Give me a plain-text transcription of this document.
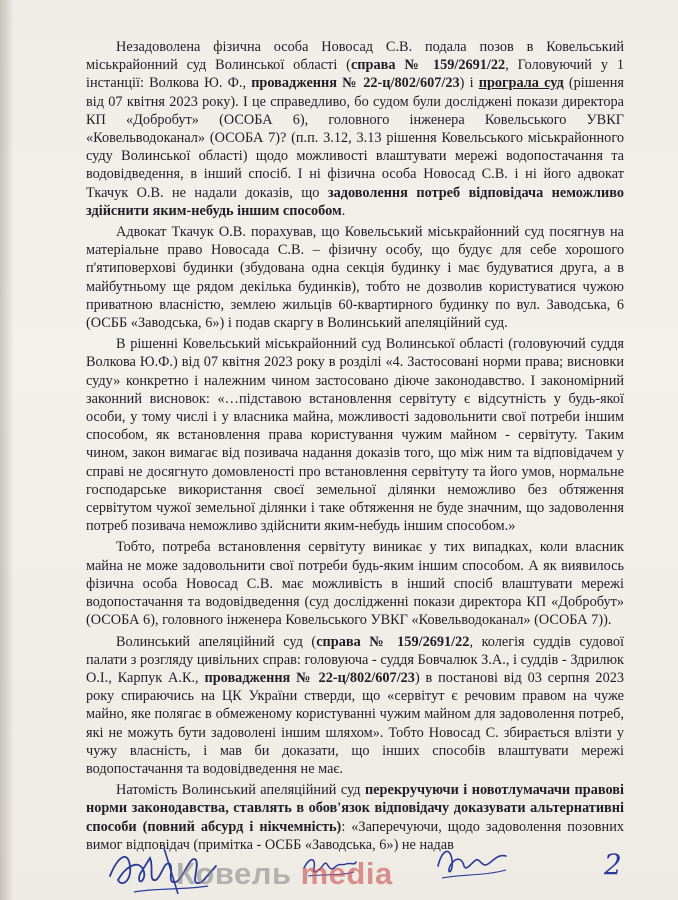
Незадоволена фізична особа Новосад С.В. подала позов в Ковельський міськрайонний суд Волинської області (справа № 159/2691/22, Головуючий у 1 інстанції: Волкова Ю. Ф., провадження № 22-ц/802/607/23) і програла суд (рішення від 07 квітня 2023 року). І це справедливо, бо судом були досліджені покази директора КП «Добробут» (ОСОБА 6), головного інженера Ковельського УВКГ «Ковельводоканал» (ОСОБА 7)? (п.п. 3.12, 3.13 рішення Ковельського міськрайонного суду Волинської області) щодо можливості влаштувати мережі водопостачання та водовідведення, в інший спосіб. І ні фізична особа Новосад С.В. і ні його адвокат Ткачук О.В. не надали доказів, що задоволення потреб відповідача неможливо здійснити яким-небудь іншим способом.

Адвокат Ткачук О.В. порахував, що Ковельський міськрайонний суд посягнув на матеріальне право Новосада С.В. – фізичну особу, що будує для себе хорошого п'ятиповерхові будинки (збудована одна секція будинку і має будуватися друга, а в майбутньому ще рядом декілька будинків), тобто не дозволив користуватися чужою приватною власністю, землею жильців 60-квартирного будинку по вул. Заводська, 6 (ОСББ «Заводська, 6») і подав скаргу в Волинський апеляційний суд.

В рішенні Ковельський міськрайонний суд Волинської області (головуючий суддя Волкова Ю.Ф.) від 07 квітня 2023 року в розділі «4. Застосовані норми права; висновки суду» конкретно і належним чином застосовано діюче законодавство. І закономірний законний висновок: «…підставою встановлення сервітуту є відсутність у будь-якої особи, у тому числі і у власника майна, можливості задовольнити свої потреби іншим способом, як встановлення права користування чужим майном - сервітуту. Таким чином, закон вимагає від позивача надання доказів того, що між ним та відповідачем у справі не досягнуто домовленості про встановлення сервітуту та його умов, нормальне господарське використання своєї земельної ділянки неможливо без обтяження сервітутом чужої земельної ділянки і таке обтяження не буде значним, що задоволення потреб позивача неможливо здійснити яким-небудь іншим способом.»

Тобто, потреба встановлення сервітуту виникає у тих випадках, коли власник майна не може задовольнити свої потреби будь-яким іншим способом. А як виявилось фізична особа Новосад С.В. має можливість в інший спосіб влаштувати мережі водопостачання та водовідведення (суд дослідженні покази директора КП «Добробут» (ОСОБА 6), головного інженера Ковельського УВКГ «Ковельводоканал» (ОСОБА 7)).

Волинський апеляційний суд (справа № 159/2691/22, колегія суддів судової палати з розгляду цивільних справ: головуюча - суддя Бовчалюк З.А., і суддів - Здрилюк О.І., Карпук А.К., провадження № 22-ц/802/607/23) в постанові від 03 серпня 2023 року спираючись на ЦК України стверди, що «сервітут є речовим правом на чуже майно, яке полягає в обмеженому користуванні чужим майном для задоволення потреб, які не можуть бути задоволені іншим шляхом». Тобто Новосад С. збирається влізти у чужу власність, і мав би доказати, що інших способів влаштувати мережі водопостачання та водовідведення не має.

Натомість Волинський апеляційний суд перекручуючи і новотлумачачи правові норми законодавства, ставлять в обов'язок відповідачу доказувати альтернативні способи (повний абсурд і нікчемність): «Заперечуючи, щодо задоволення позовних вимог відповідач (примітка - ОСББ «Заводська, 6») не надав

2
Ковель media
